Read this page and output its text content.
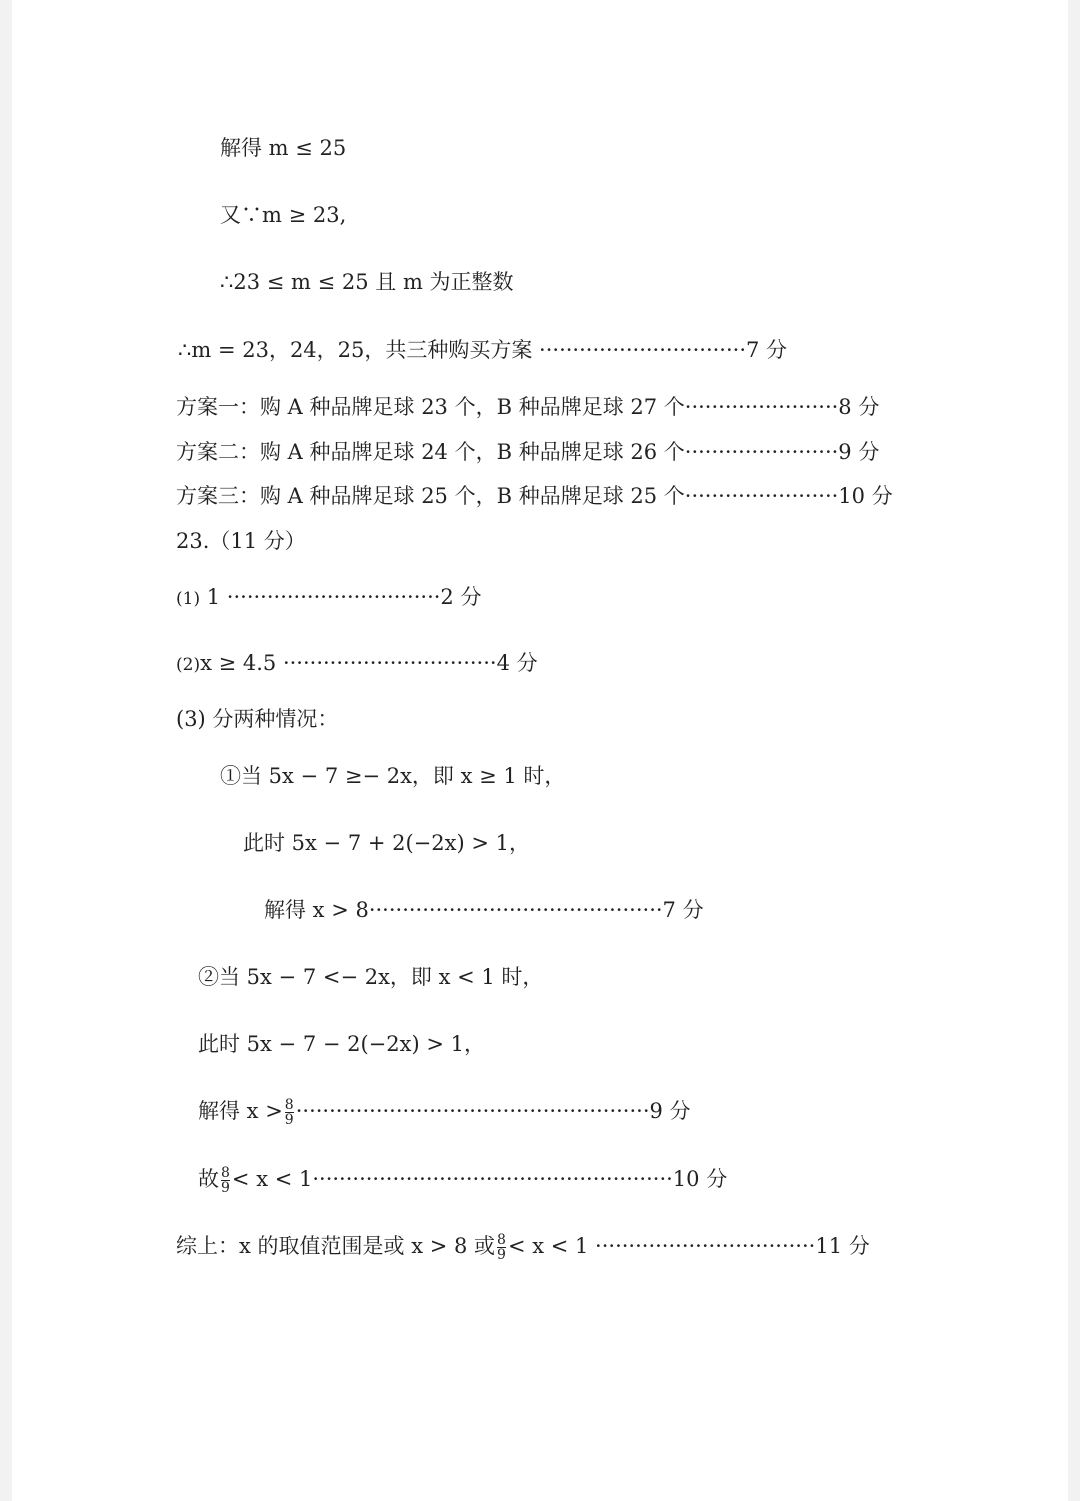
解得 m ≤ 25
又∵m ≥ 23,
∴23 ≤ m ≤ 25 且 m 为正整数
∴m = 23，24，25，共三种购买方案 ·······························7 分
方案一：购 A 种品牌足球 23 个，B 种品牌足球 27 个·······················8 分
方案二：购 A 种品牌足球 24 个，B 种品牌足球 26 个·······················9 分
方案三：购 A 种品牌足球 25 个，B 种品牌足球 25 个·······················10 分
23.（11 分）
(1) 1 ································2 分
(2)x ≥ 4.5 ································4 分
(3) 分两种情况：
①当 5x − 7 ≥− 2x，即 x ≥ 1 时，
此时 5x − 7 + 2(−2x) > 1，
解得 x > 8············································7 分
②当 5x − 7 <− 2x，即 x < 1 时，
此时 5x − 7 − 2(−2x) > 1，
解得 $x > \frac{8}{9} \cdot\cdot\cdot\cdot\cdot\cdot\cdot\cdot\cdot\cdot\cdot\cdot\cdot\cdot\cdot\cdot\cdot\cdot\cdot\cdot\cdot\cdot\cdot\cdot\cdot\cdot\cdot\cdot\cdot\cdot\cdot\cdot\cdot\cdot\cdot\cdot\cdot\cdot\cdot\cdot\cdot\cdot\cdot\cdot\cdot\cdot\cdot\cdot\cdot\cdot\cdot\cdot\cdot 9$ 分
故 $\frac{8}{9} < x < 1\cdot\cdot\cdot\cdot\cdot\cdot\cdot\cdot\cdot\cdot\cdot\cdot\cdot\cdot\cdot\cdot\cdot\cdot\cdot\cdot\cdot\cdot\cdot\cdot\cdot\cdot\cdot\cdot\cdot\cdot\cdot\cdot\cdot\cdot\cdot\cdot\cdot\cdot\cdot\cdot\cdot\cdot\cdot\cdot\cdot\cdot\cdot\cdot\cdot\cdot\cdot\cdot\cdot\cdot 10$ 分
综上：x 的取值范围是或 x > 8 或 $\frac{8}{9} < x < 1 \cdot\cdot\cdot\cdot\cdot\cdot\cdot\cdot\cdot\cdot\cdot\cdot\cdot\cdot\cdot\cdot\cdot\cdot\cdot\cdot\cdot\cdot\cdot\cdot\cdot\cdot\cdot\cdot\cdot\cdot\cdot\cdot\cdot 11$ 分
